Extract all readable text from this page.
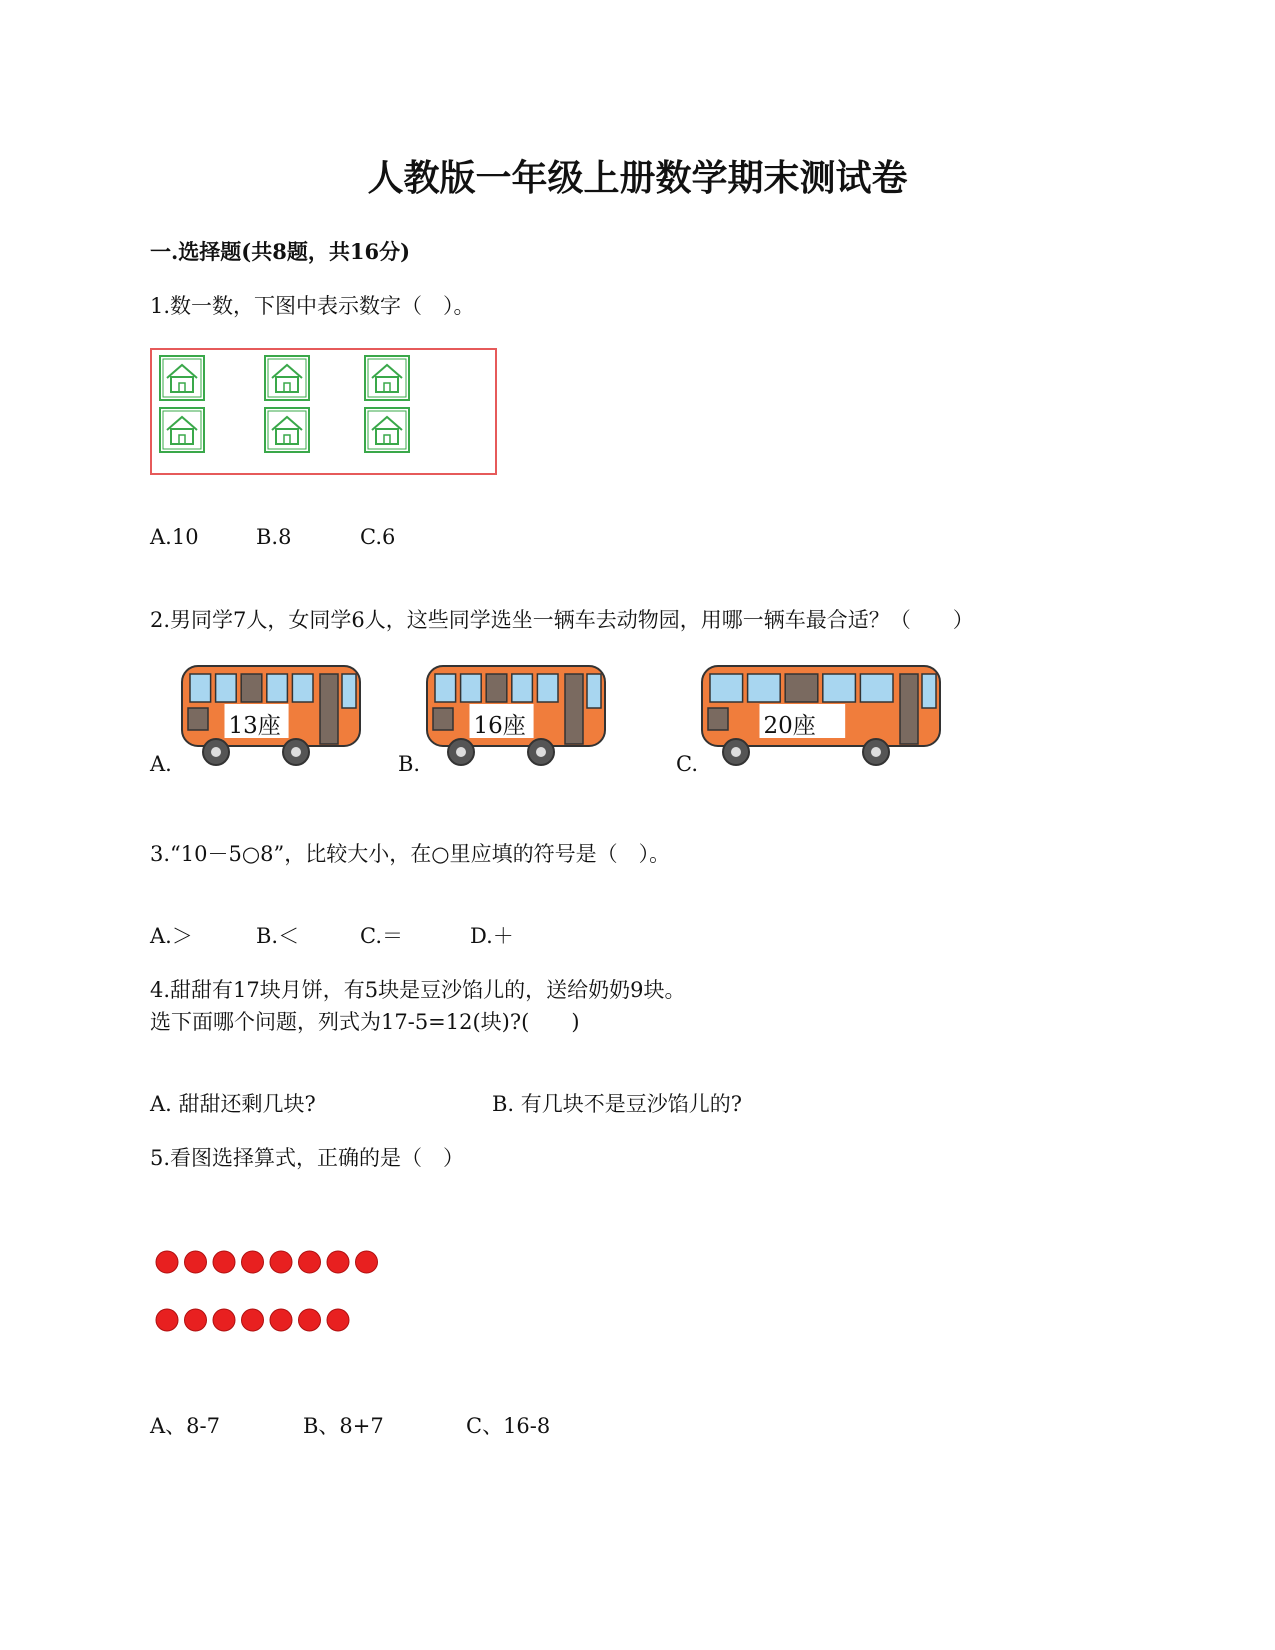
人教版一年级上册数学期末测试卷
一.选择题(共8题，共16分)
1.数一数，下图中表示数字（　）。
A.10	B.8	C.6
2.男同学7人，女同学6人，这些同学选坐一辆车去动物园，用哪一辆车最合适？（　　）
A.
13座
B.
16座
C.
20座
3.“10－5○8”，比较大小，在○里应填的符号是（　）。
A.＞	B.＜	C.＝	D.＋
4.甜甜有17块月饼，有5块是豆沙馅儿的，送给奶奶9块。
选下面哪个问题，列式为17-5=12(块)?(　　)
A. 甜甜还剩几块?	B. 有几块不是豆沙馅儿的?
5.看图选择算式，正确的是（　）
A、8-7	B、8+7	C、16-8
